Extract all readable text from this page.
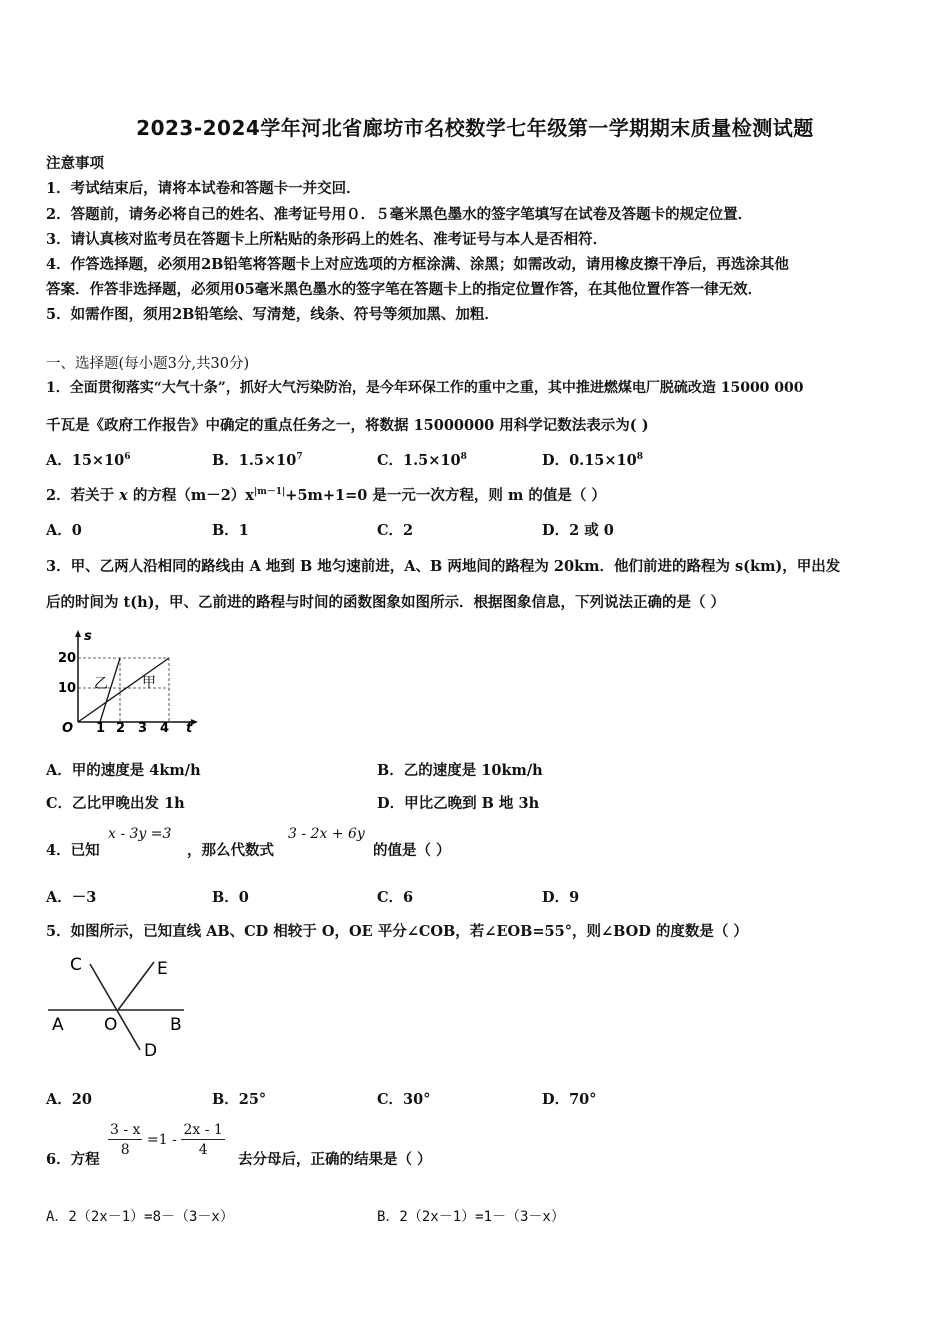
2023-2024学年河北省廊坊市名校数学七年级第一学期期末质量检测试题
注意事项
1．考试结束后，请将本试卷和答题卡一并交回．
2．答题前，请务必将自己的姓名、准考证号用０．５毫米黑色墨水的签字笔填写在试卷及答题卡的规定位置．
3．请认真核对监考员在答题卡上所粘贴的条形码上的姓名、准考证号与本人是否相符．
4．作答选择题，必须用2B铅笔将答题卡上对应选项的方框涂满、涂黑；如需改动，请用橡皮擦干净后，再选涂其他
答案．作答非选择题，必须用05毫米黑色墨水的签字笔在答题卡上的指定位置作答，在其他位置作答一律无效．
5．如需作图，须用2B铅笔绘、写清楚，线条、符号等须加黑、加粗．
一、选择题(每小题3分,共30分)
1．全面贯彻落实“大气十条”，抓好大气污染防治，是今年环保工作的重中之重，其中推进燃煤电厂脱硫改造 15000 000
千瓦是《政府工作报告》中确定的重点任务之一，将数据 15000000 用科学记数法表示为( )
A．$15\times 10^6$	B．$1.5\times 10^7$	C．$1.5\times 10^8$	D．$0.15\times 10^8$
2．若关于 x 的方程$(m-2)x^{|m-1|}+5m+1=0$ 是一元一次方程，则 m 的值是（ ）
A．0	B．1	C．2	D．2 或 0
3．甲、乙两人沿相同的路线由 A 地到 B 地匀速前进，A、B 两地间的路程为 20km．他们前进的路程为 s(km)，甲出发
后的时间为 t(h)，甲、乙前进的路程与时间的函数图象如图所示．根据图象信息，下列说法正确的是（ ）
20
10
O 1 2 3 4 t
s
乙 甲
A．甲的速度是 4km/h	B．乙的速度是 10km/h
C．乙比甲晚出发 1h	D．甲比乙晚到 B 地 3h
4．已知
x - 3y =3
，那么代数式
3 - 2x + 6y
的值是（ ）
A．－3	B．0	C．6	D．9
5．如图所示，已知直线 AB、CD 相较于 O，OE 平分∠COB，若∠EOB=55°，则∠BOD 的度数是（ ）
C	E
A O	B
D
A．20	B．25°	C．30°	D．70°
6．方程
$\frac{3 - x}{8} =1 - \frac{2x - 1}{4}$
去分母后，正确的结果是（ ）
A．2（2x－1）=8－（3－x）	B．2（2x－1）=1－（3－x）
